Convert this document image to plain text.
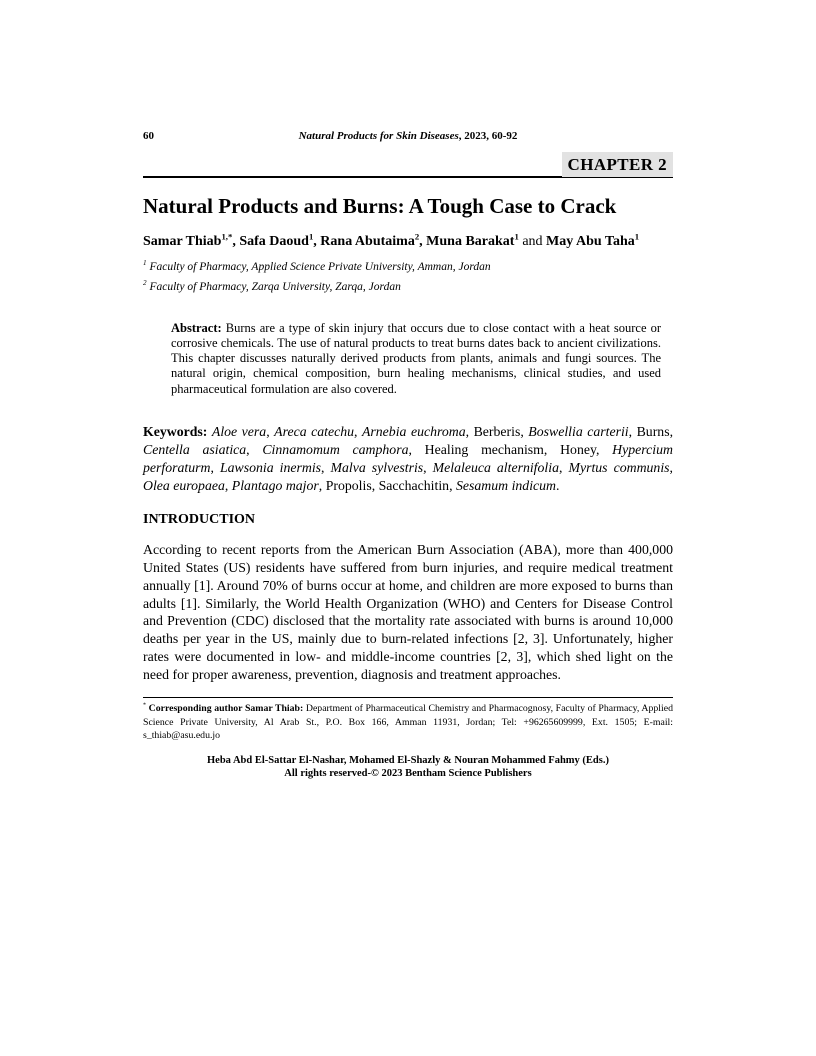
60	Natural Products for Skin Diseases, 2023, 60-92
CHAPTER 2
Natural Products and Burns: A Tough Case to Crack

Samar Thiab$^{1,*}$, Safa Daoud$^1$, Rana Abutaima$^2$, Muna Barakat$^1$ and May Abu Taha$^1$

$^1$ Faculty of Pharmacy, Applied Science Private University, Amman, Jordan

$^2$ Faculty of Pharmacy, Zarqa University, Zarqa, Jordan

Abstract: Burns are a type of skin injury that occurs due to close contact with a heat source or corrosive chemicals. The use of natural products to treat burns dates back to ancient civilizations. This chapter discusses naturally derived products from plants, animals and fungi sources. The natural origin, chemical composition, burn healing mechanisms, clinical studies, and used pharmaceutical formulation are also covered.

Keywords: Aloe vera, Areca catechu, Arnebia euchroma, Berberis, Boswellia carterii, Burns, Centella asiatica, Cinnamomum camphora, Healing mechanism, Honey, Hypercium perforaturm, Lawsonia inermis, Malva sylvestris, Melaleuca alternifolia, Myrtus communis, Olea europaea, Plantago major, Propolis, Sacchachitin, Sesamum indicum.

INTRODUCTION

According to recent reports from the American Burn Association (ABA), more than 400,000 United States (US) residents have suffered from burn injuries, and require medical treatment annually [1]. Around 70% of burns occur at home, and children are more exposed to burns than adults [1]. Similarly, the World Health Organization (WHO) and Centers for Disease Control and Prevention (CDC) disclosed that the mortality rate associated with burns is around 10,000 deaths per year in the US, mainly due to burn-related infections [2, 3]. Unfortunately, higher rates were documented in low- and middle-income countries [2, 3], which shed light on the need for proper awareness, prevention, diagnosis and treatment approaches.

* Corresponding author Samar Thiab: Department of Pharmaceutical Chemistry and Pharmacognosy, Faculty of Pharmacy, Applied Science Private University, Al Arab St., P.O. Box 166, Amman 11931, Jordan; Tel: +96265609999, Ext. 1505; E-mail: s_thiab@asu.edu.jo

Heba Abd El-Sattar El-Nashar, Mohamed El-Shazly & Nouran Mohammed Fahmy (Eds.)

All rights reserved-© 2023 Bentham Science Publishers
